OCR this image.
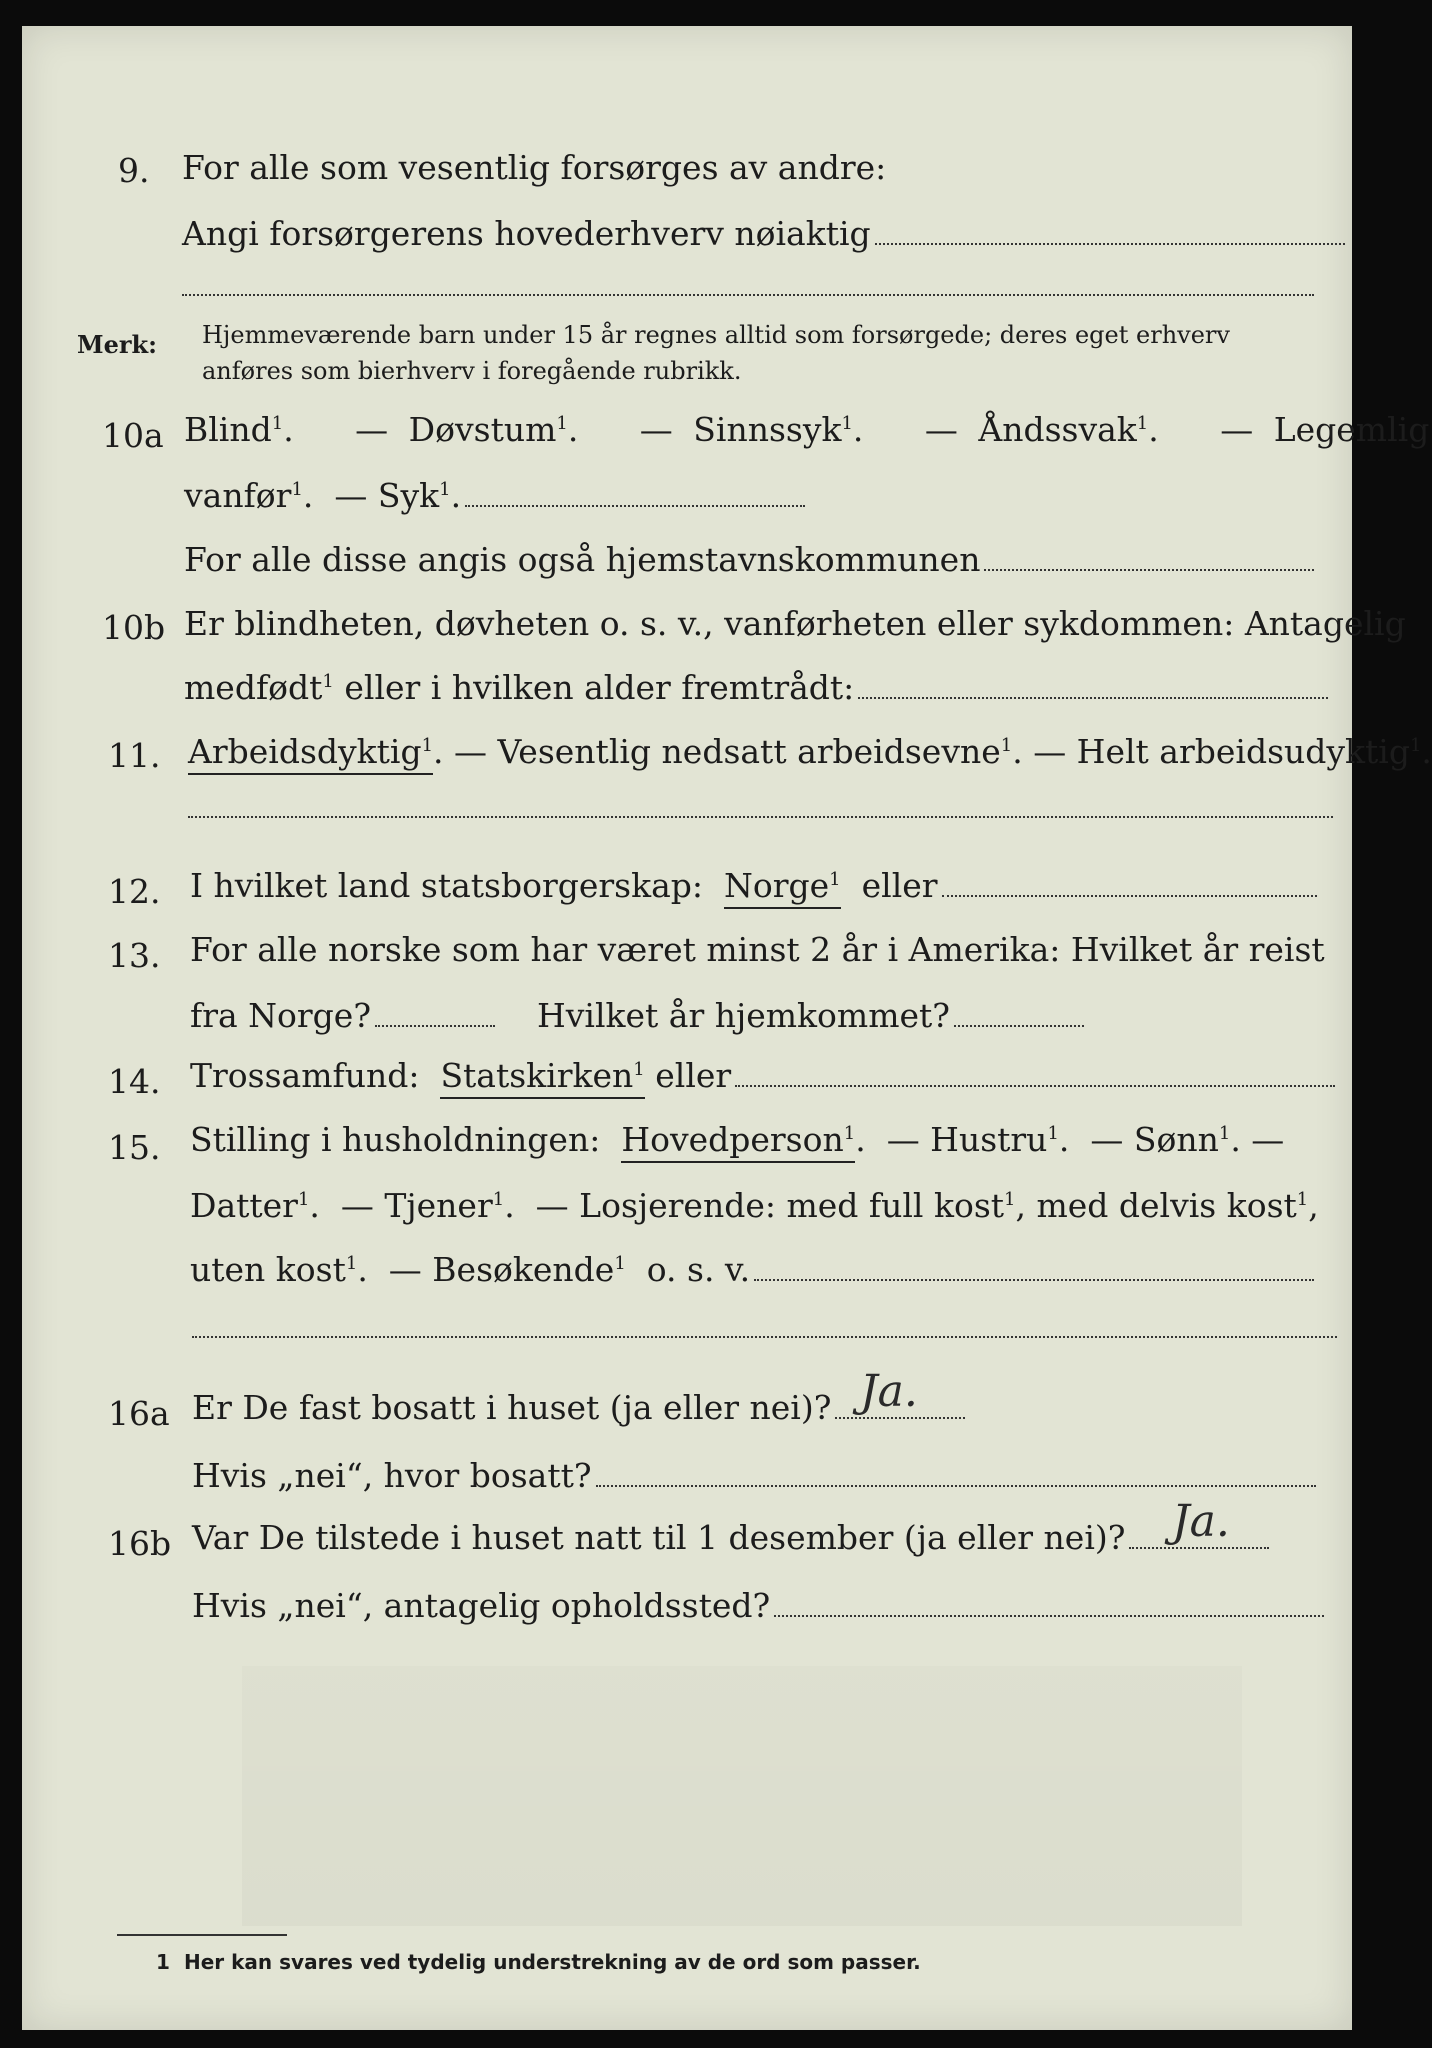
9. For alle som vesentlig forsørges av andre:
Angi forsørgerens hovederhverv nøiaktig
Merk: Hjemmeværende barn under 15 år regnes alltid som forsørgede; deres eget erhverv
anføres som bierhverv i foregående rubrikk.
10a Blind$^1$.   — Døvstum$^1$.   — Sinnssyk$^1$.   — Åndssvak$^1$.   — Legemlig
vanfør$^1$.  — Syk$^1$.
For alle disse angis også hjemstavnskommunen
10b Er blindheten, døvheten o. s. v., vanførheten eller sykdommen: Antagelig
medfødt$^1$ eller i hvilken alder fremtrådt:
11. Arbeidsdyktig$^1$. — Vesentlig nedsatt arbeidsevne$^1$. — Helt arbeidsudyktig$^1$.
12. I hvilket land statsborgerskap: Norge$^1$ eller
13. For alle norske som har været minst 2 år i Amerika: Hvilket år reist
fra Norge?	Hvilket år hjemkommet?
14. Trossamfund: Statskirken$^1$ eller
15. Stilling i husholdningen: Hovedperson$^1$.  — Hustru$^1$.  — Sønn$^1$. —
Datter$^1$.  — Tjener$^1$.  — Losjerende: med full kost$^1$, med delvis kost$^1$,
uten kost$^1$.  — Besøkende$^1$ o. s. v.
16a Er De fast bosatt i huset (ja eller nei)? Ja.
Hvis „nei“, hvor bosatt?
16b Var De tilstede i huset natt til 1 desember (ja eller nei)?	Ja.
Hvis „nei“, antagelig opholdssted?
1 Her kan svares ved tydelig understrekning av de ord som passer.
